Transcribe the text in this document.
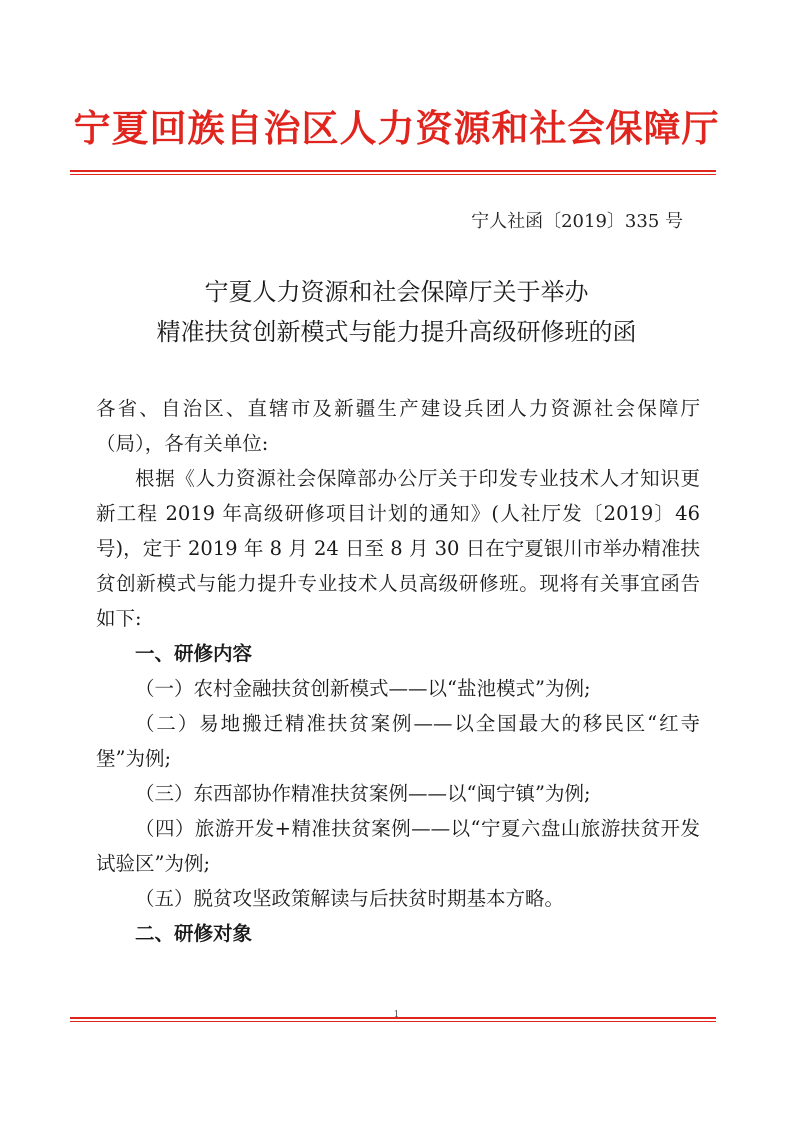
宁夏回族自治区人力资源和社会保障厅
宁人社函〔2019〕335 号
宁夏人力资源和社会保障厅关于举办
精准扶贫创新模式与能力提升高级研修班的函

各省、自治区、直辖市及新疆生产建设兵团人力资源社会保障厅（局），各有关单位:

根据《人力资源社会保障部办公厅关于印发专业技术人才知识更新工程 2019 年高级研修项目计划的通知》(人社厅发〔2019〕46 号)，定于 2019 年 8 月 24 日至 8 月 30 日在宁夏银川市举办精准扶贫创新模式与能力提升专业技术人员高级研修班。现将有关事宜函告如下:

一、研修内容

（一）农村金融扶贫创新模式——以“盐池模式”为例;

（二）易地搬迁精准扶贫案例——以全国最大的移民区“红寺堡”为例;

（三）东西部协作精准扶贫案例——以“闽宁镇”为例;

（四）旅游开发+精准扶贫案例——以“宁夏六盘山旅游扶贫开发试验区”为例;

（五）脱贫攻坚政策解读与后扶贫时期基本方略。

二、研修对象

1
